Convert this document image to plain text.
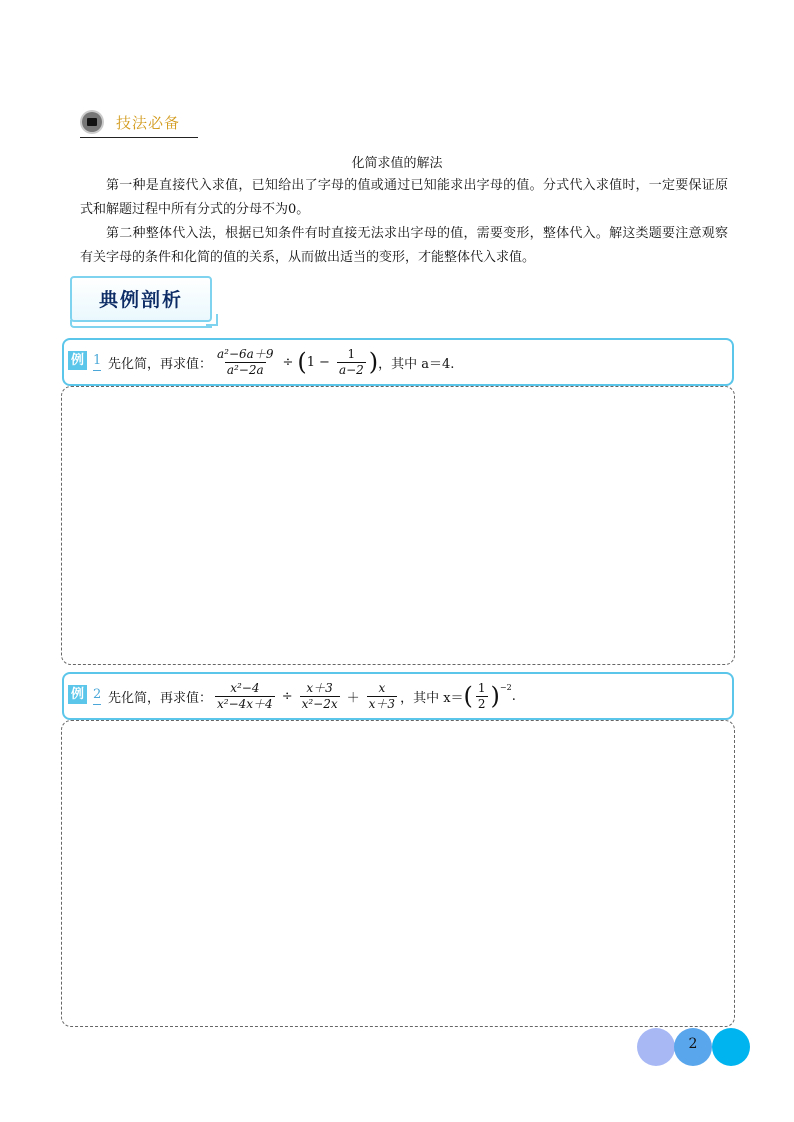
技法必备
化简求值的解法
第一种是直接代入求值，已知给出了字母的值或通过已知能求出字母的值。分式代入求值时，一定要保证原式和解题过程中所有分式的分母不为0。
第二种整体代入法，根据已知条件有时直接无法求出字母的值，需要变形，整体代入。解这类题要注意观察有关字母的条件和化简的值的关系，从而做出适当的变形，才能整体代入求值。
典例剖析
例 1 先化简，再求值： $\frac{\text{a²−6a＋9}}{\text{a²−2a}}$ ÷ ( $1 - \frac{1}{a-2}$ ) ，其中 a＝4.
例 2 先化简，再求值： $\frac{\text{x²−4}}{\text{x²−4x＋4}} \div \frac{x+3}{\text{x²−2x}} + \frac{x}{x+3}$ ，其中 x＝ ( $\frac{1}{2} )^{-2}$
.
2
